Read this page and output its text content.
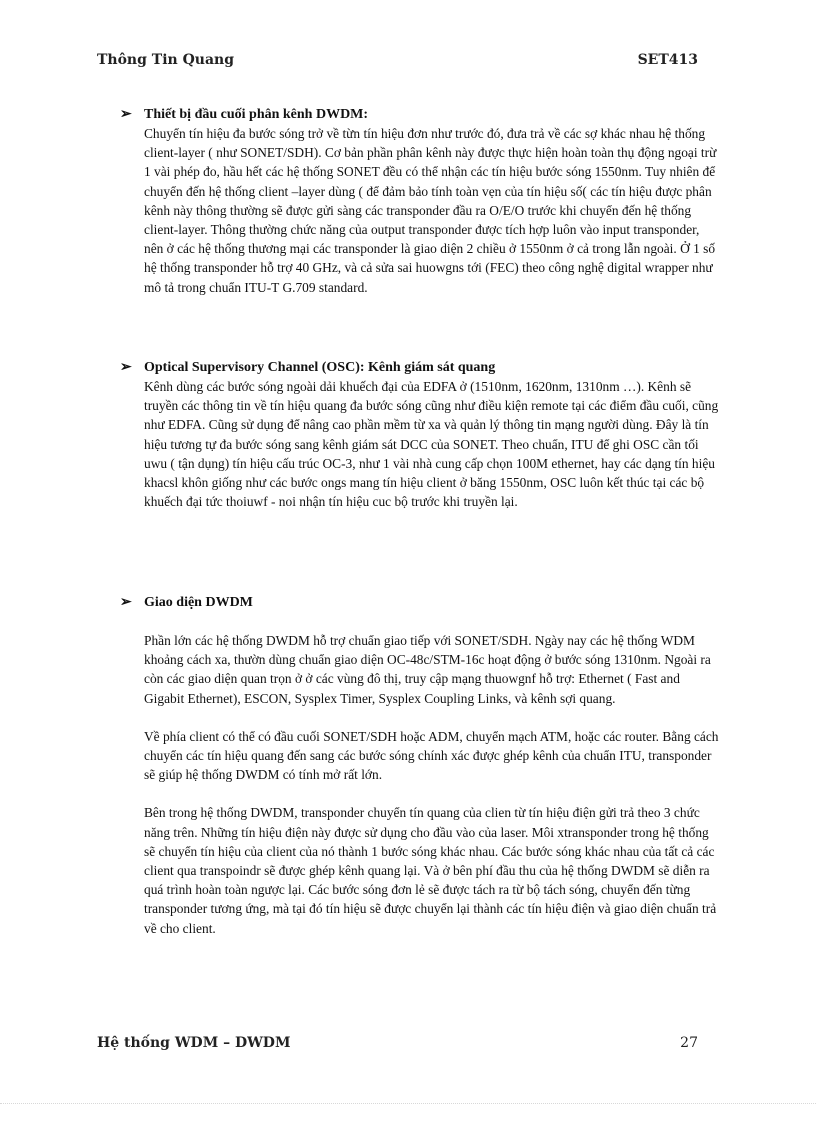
Thông Tin Quang	SET413
➢ Thiết bị đầu cuối phân kênh DWDM:

Chuyển tín hiệu đa bước sóng trở về từn tín hiệu đơn như trước đó, đưa trả về các sợ khác nhau hệ thống client-layer ( như SONET/SDH). Cơ bản phần phân kênh này được thực hiện hoàn toàn thụ động ngoại trừ 1 vài phép đo, hầu hết các hệ thống SONET đều có thể nhận các tín hiệu bước sóng 1550nm. Tuy nhiên để chuyển đến hệ thống client –layer dùng ( để đảm bảo tính toàn vẹn của tín hiệu số( các tín hiệu được phân kênh này thông thường sẽ được gửi sàng các transponder đầu ra O/E/O trước khi chuyển đến hệ thống client-layer. Thông thường chức năng của output transponder được tích hợp luôn vào input transponder, nên ở các hệ thống thương mại các transponder là giao diện 2 chiều ở 1550nm ở cả trong lẫn ngoài. Ở 1 số hệ thống transponder hỗ trợ 40 GHz, và cả sửa sai huowgns tới (FEC) theo công nghệ digital wrapper như mô tả trong chuẩn ITU-T G.709 standard.

➢ Optical Supervisory Channel (OSC): Kênh giám sát quang

Kênh dùng các bước sóng ngoài dải khuếch đại của EDFA ở (1510nm, 1620nm, 1310nm …). Kênh sẽ truyền các thông tin về tín hiệu quang đa bước sóng cũng như điều kiện remote tại các điểm đầu cuối, cũng như EDFA. Cũng sử dụng để nâng cao phần mềm từ xa và quản lý thông tin mạng người dùng. Đây là tín hiệu tương tự đa bước sóng sang kênh giám sát DCC của SONET. Theo chuẩn, ITU để ghi OSC cần tối uwu ( tận dụng) tín hiệu cấu trúc OC-3, như 1 vài nhà cung cấp chọn 100M ethernet, hay các dạng tín hiệu khacsl khôn giống như các bước ongs mang tín hiệu client ở băng 1550nm, OSC luôn kết thúc tại các bộ khuếch đại tức thoiuwf - noi nhận tín hiệu cuc bộ trước khi truyền lại.

➢ Giao diện DWDM

Phần lớn các hệ thống DWDM hỗ trợ chuẩn giao tiếp với SONET/SDH. Ngày nay các hệ thống WDM khoảng cách xa, thườn dùng chuẩn giao diện OC-48c/STM-16c hoạt động ở bước sóng 1310nm. Ngoài ra còn các giao diện quan trọn ở ở các vùng đô thị, truy cập mạng thuowgnf hỗ trợ: Ethernet ( Fast and Gigabit Ethernet), ESCON, Sysplex Timer, Sysplex Coupling Links, và kênh sợi quang.

Về phía client có thể có đầu cuối SONET/SDH hoặc ADM, chuyển mạch ATM, hoặc các router. Bằng cách chuyển các tín hiệu quang đến sang các bước sóng chính xác được ghép kênh của chuẩn ITU, transponder sẽ giúp hệ thống DWDM có tính mở rất lớn.

Bên trong hệ thống DWDM, transponder chuyển tín quang của clien từ tín hiệu điện gửi trả theo 3 chức năng trên. Những tín hiệu điện này được sử dụng cho đầu vào của laser. Môi xtransponder trong hệ thống sẽ chuyển tín hiệu của client của nó thành 1 bước sóng khác nhau. Các bước sóng khác nhau của tất cả các client qua transpoindr sẽ được ghép kênh quang lại. Và ở bên phí đầu thu của hệ thống DWDM sẽ diễn ra quá trình hoàn toàn ngược lại. Các bước sóng đơn lẻ sẽ được tách ra từ bộ tách sóng, chuyển đến từng transponder tương ứng, mà tại đó tín hiệu sẽ được chuyển lại thành các tín hiệu điện và giao diện chuẩn trả về cho client.

Hệ thống WDM – DWDM	27
